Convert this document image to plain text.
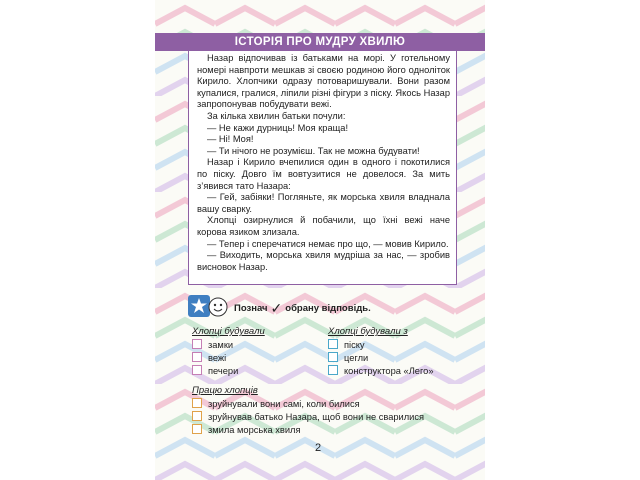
ІСТОРІЯ ПРО МУДРУ ХВИЛЮ

Назар відпочивав із батьками на морі. У готельному номері навпроти мешкав зі своєю родиною його одноліток Кирило. Хлопчики одразу потоваришували. Вони разом купалися, гралися, ліпили різні фігури з піску. Якось Назар запропонував побудувати вежі.

За кілька хвилин батьки почули:

— Не кажи дурниць! Моя краща!

— Ні! Моя!

— Ти нічого не розумієш. Так не можна будувати!

Назар і Кирило вчепилися один в одного і покотилися по піску. Довго їм вовтузитися не довелося. За мить з’явився тато Назара:

— Гей, забіяки! Погляньте, як морська хвиля владнала вашу сварку.

Хлопці озирнулися й побачили, що їхні вежі наче корова язиком злизала.

— Тепер і сперечатися немає про що, — мовив Кирило.

— Виходить, морська хвиля мудріша за нас, — зробив висновок Назар.

Познач ✓ обрану відповідь.
Хлопці будували
замки
вежі
печери
Хлопці будували з
піску
цегли
конструктора «Лего»
Працю хлопців
зруйнували вони самі, коли билися
зруйнував батько Назара, щоб вони не сварилися
змила морська хвиля
2
